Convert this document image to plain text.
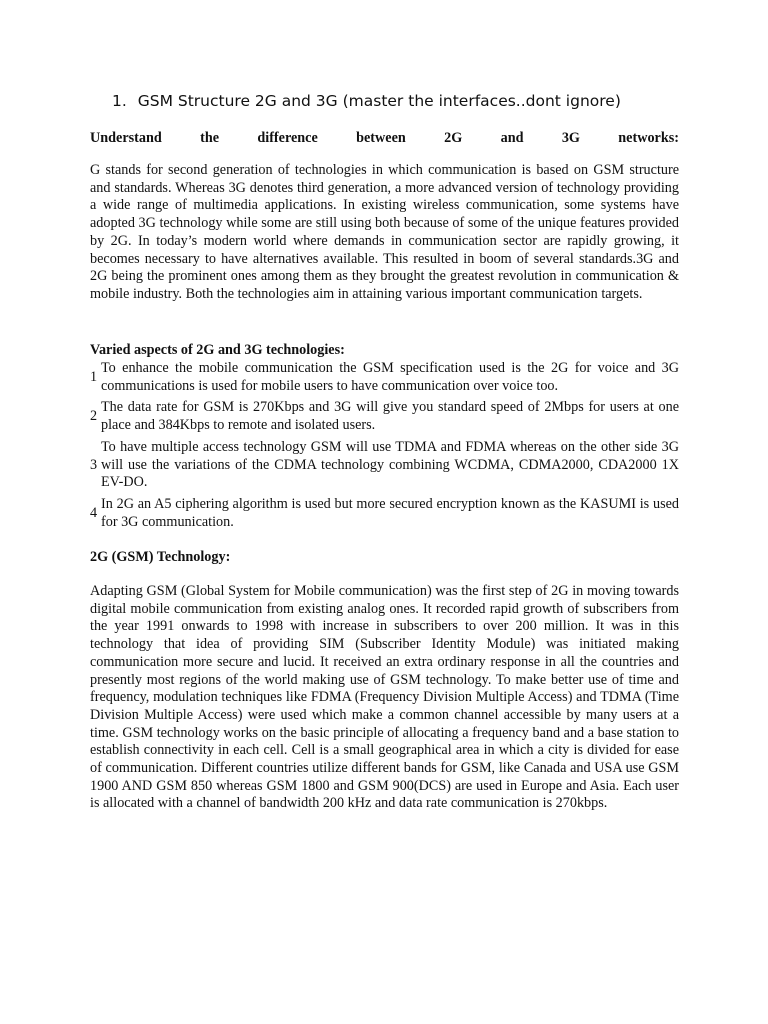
1. GSM Structure 2G and 3G (master the interfaces..dont ignore)
Understand	the	difference	between	2G	and	3G	networks:

G stands for second generation of technologies in which communication is based on GSM structure and standards. Whereas 3G denotes third generation, a more advanced version of technology providing a wide range of multimedia applications. In existing wireless communication, some systems have adopted 3G technology while some are still using both because of some of the unique features provided by 2G. In today’s modern world where demands in communication sector are rapidly growing, it becomes necessary to have alternatives available. This resulted in boom of several standards.3G and 2G being the prominent ones among them as they brought the greatest revolution in communication & mobile industry. Both the technologies aim in attaining various important communication targets.

Varied aspects of 2G and 3G technologies:

1
To enhance the mobile communication the GSM specification used is the 2G for voice and 3G communications is used for mobile users to have communication over voice too.
2
The data rate for GSM is 270Kbps and 3G will give you standard speed of 2Mbps for users at one place and 384Kbps to remote and isolated users.
3
To have multiple access technology GSM will use TDMA and FDMA whereas on the other side 3G will use the variations of the CDMA technology combining WCDMA, CDMA2000, CDA2000 1X EV-DO.
4
In 2G an A5 ciphering algorithm is used but more secured encryption known as the KASUMI is used for 3G communication.

2G (GSM) Technology:

Adapting GSM (Global System for Mobile communication) was the first step of 2G in moving towards digital mobile communication from existing analog ones. It recorded rapid growth of subscribers from the year 1991 onwards to 1998 with increase in subscribers to over 200 million. It was in this technology that idea of providing SIM (Subscriber Identity Module) was initiated making communication more secure and lucid. It received an extra ordinary response in all the countries and presently most regions of the world making use of GSM technology. To make better use of time and frequency, modulation techniques like FDMA (Frequency Division Multiple Access) and TDMA (Time Division Multiple Access) were used which make a common channel accessible by many users at a time. GSM technology works on the basic principle of allocating a frequency band and a base station to establish connectivity in each cell. Cell is a small geographical area in which a city is divided for ease of communication. Different countries utilize different bands for GSM, like Canada and USA use GSM 1900 AND GSM 850 whereas GSM 1800 and GSM 900(DCS) are used in Europe and Asia. Each user is allocated with a channel of bandwidth 200 kHz and data rate communication is 270kbps.
